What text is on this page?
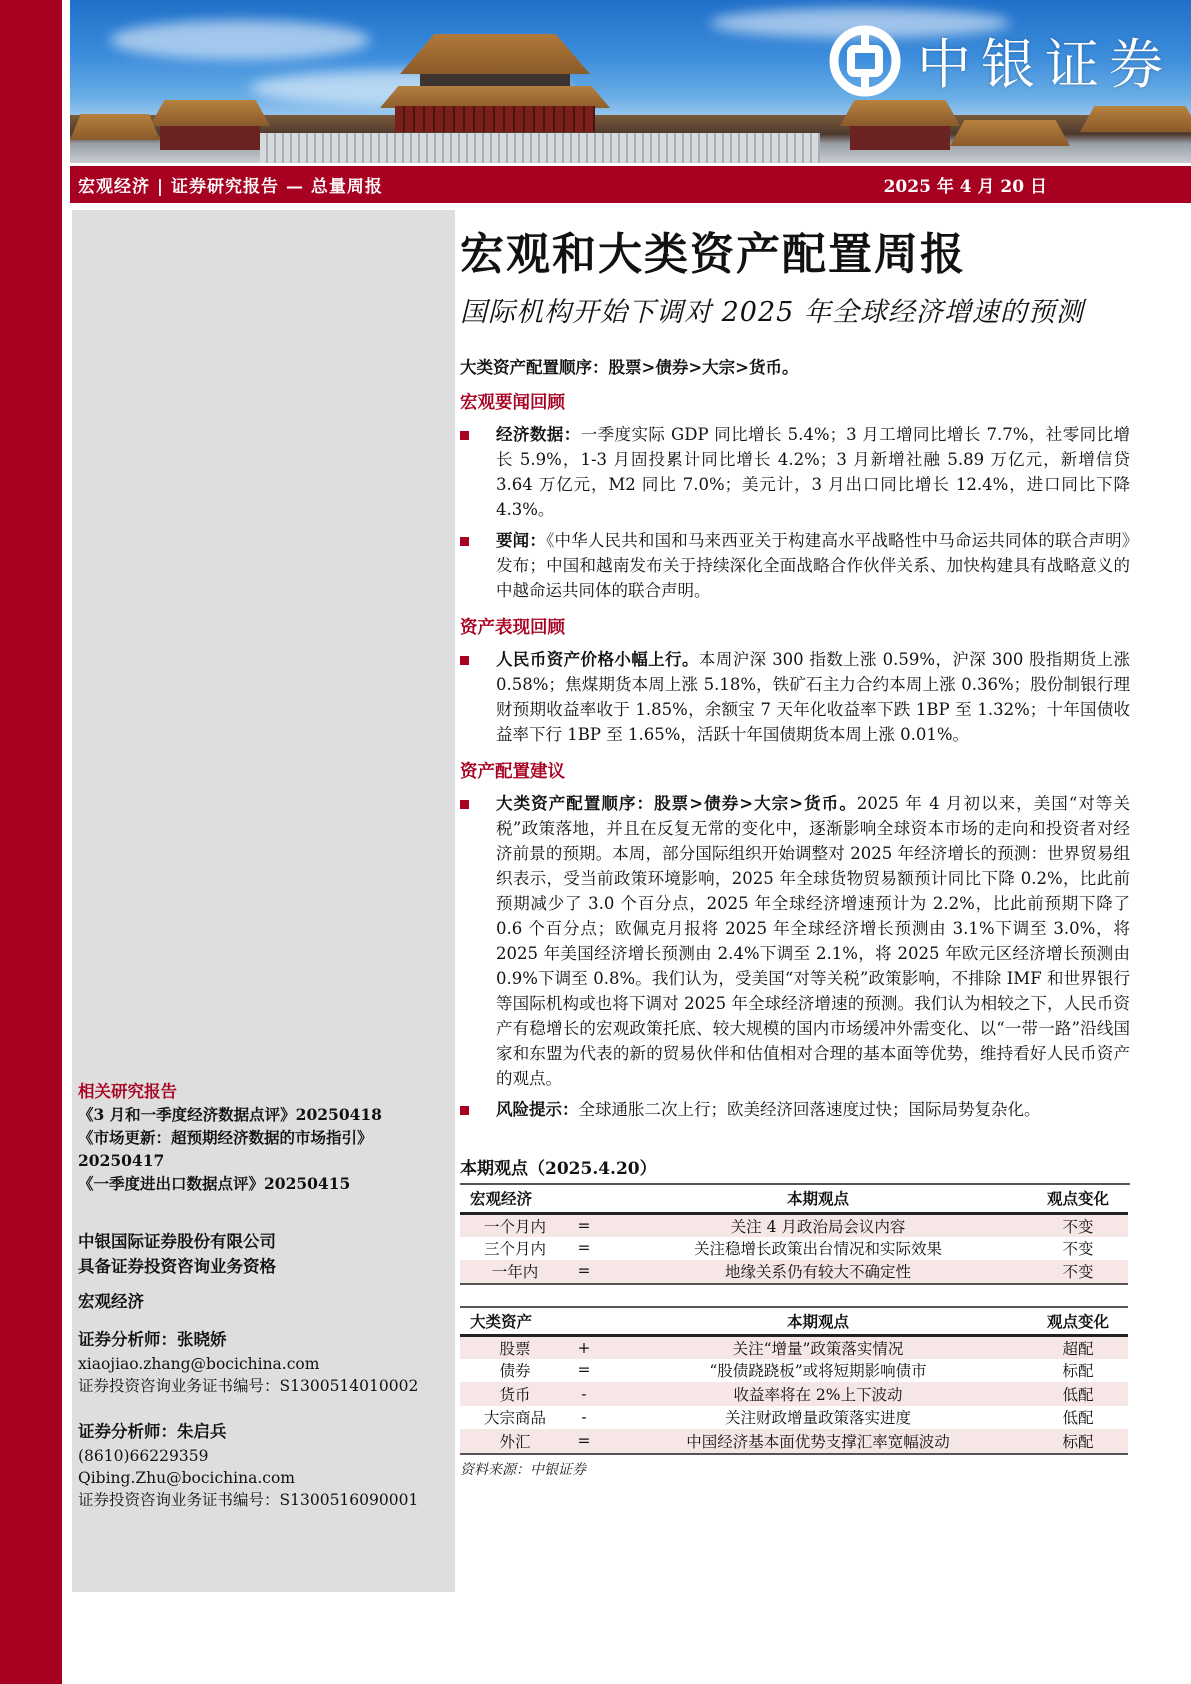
中银证券
宏观经济 | 证券研究报告 — 总量周报	2025 年 4 月 20 日
相关研究报告
《3 月和一季度经济数据点评》20250418
《市场更新：超预期经济数据的市场指引》20250417
《一季度进出口数据点评》20250415
中银国际证券股份有限公司
具备证券投资咨询业务资格
宏观经济
证券分析师：张晓娇
xiaojiao.zhang@bocichina.com
证券投资咨询业务证书编号：S1300514010002
证券分析师：朱启兵
(8610)66229359
Qibing.Zhu@bocichina.com
证券投资咨询业务证书编号：S1300516090001
宏观和大类资产配置周报
国际机构开始下调对 2025 年全球经济增速的预测
大类资产配置顺序：股票>债券>大宗>货币。
宏观要闻回顾
经济数据：一季度实际 GDP 同比增长 5.4%；3 月工增同比增长 7.7%，社零同比增长 5.9%，1-3 月固投累计同比增长 4.2%；3 月新增社融 5.89 万亿元，新增信贷 3.64 万亿元，M2 同比 7.0%；美元计，3 月出口同比增长 12.4%，进口同比下降 4.3%。
要闻：《中华人民共和国和马来西亚关于构建高水平战略性中马命运共同体的联合声明》发布；中国和越南发布关于持续深化全面战略合作伙伴关系、加快构建具有战略意义的中越命运共同体的联合声明。
资产表现回顾
人民币资产价格小幅上行。本周沪深 300 指数上涨 0.59%，沪深 300 股指期货上涨 0.58%；焦煤期货本周上涨 5.18%，铁矿石主力合约本周上涨 0.36%；股份制银行理财预期收益率收于 1.85%，余额宝 7 天年化收益率下跌 1BP 至 1.32%；十年国债收益率下行 1BP 至 1.65%，活跃十年国债期货本周上涨 0.01%。
资产配置建议
大类资产配置顺序：股票>债券>大宗>货币。2025 年 4 月初以来，美国“对等关税”政策落地，并且在反复无常的变化中，逐渐影响全球资本市场的走向和投资者对经济前景的预期。本周，部分国际组织开始调整对 2025 年经济增长的预测：世界贸易组织表示，受当前政策环境影响，2025 年全球货物贸易额预计同比下降 0.2%，比此前预期减少了 3.0 个百分点，2025 年全球经济增速预计为 2.2%，比此前预期下降了 0.6 个百分点；欧佩克月报将 2025 年全球经济增长预测由 3.1%下调至 3.0%，将 2025 年美国经济增长预测由 2.4%下调至 2.1%，将 2025 年欧元区经济增长预测由 0.9%下调至 0.8%。我们认为，受美国“对等关税”政策影响，不排除 IMF 和世界银行等国际机构或也将下调对 2025 年全球经济增速的预测。我们认为相较之下，人民币资产有稳增长的宏观政策托底、较大规模的国内市场缓冲外需变化、以“一带一路”沿线国家和东盟为代表的新的贸易伙伴和估值相对合理的基本面等优势，维持看好人民币资产的观点。
风险提示：全球通胀二次上行；欧美经济回落速度过快；国际局势复杂化。
本期观点（2025.4.20）
宏观经济		本期观点	观点变化
一个月内	=	关注 4 月政治局会议内容	不变
三个月内	=	关注稳增长政策出台情况和实际效果	不变
一年内	=	地缘关系仍有较大不确定性	不变

大类资产		本期观点	观点变化
股票	+	关注“增量”政策落实情况	超配
债券	=	“股债跷跷板”或将短期影响债市	标配
货币	-	收益率将在 2%上下波动	低配
大宗商品	-	关注财政增量政策落实进度	低配
外汇	=	中国经济基本面优势支撑汇率宽幅波动	标配
资料来源：中银证券
